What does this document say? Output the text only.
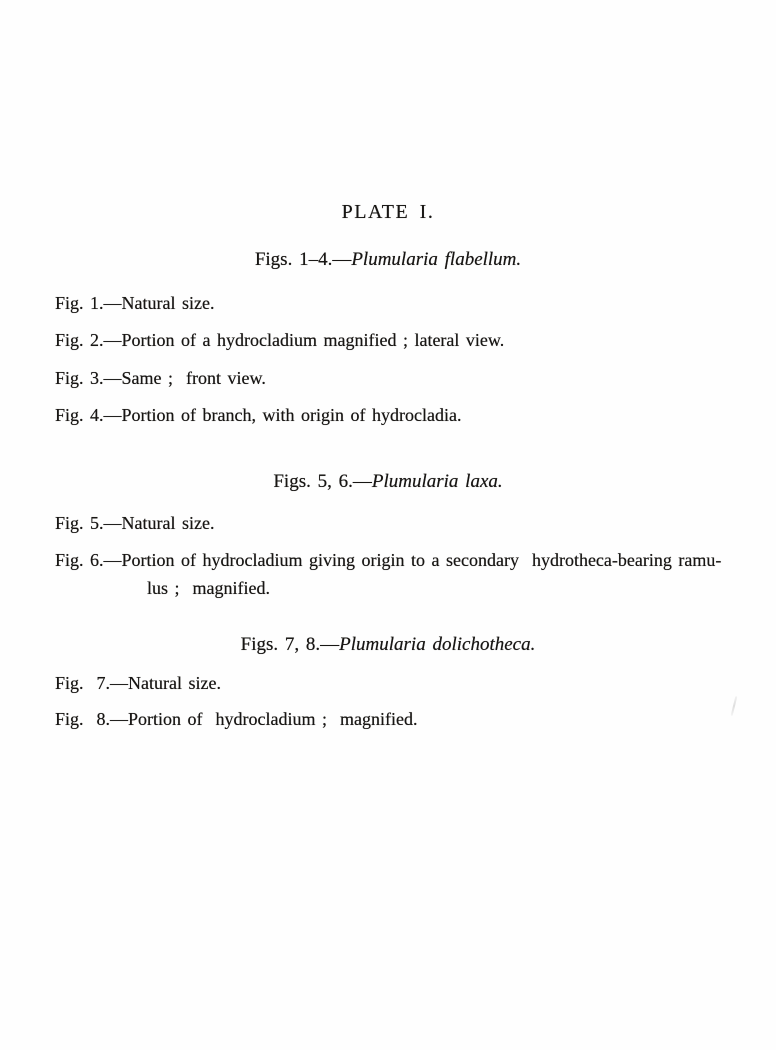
PLATE I.
Figs. 1–4.—Plumularia flabellum.
Fig. 1.—Natural size.
Fig. 2.—Portion of a hydrocladium magnified ; lateral view.
Fig. 3.—Same ;  front view.
Fig. 4.—Portion of branch, with origin of hydrocladia.
Figs. 5, 6.—Plumularia laxa.
Fig. 5.—Natural size.
Fig. 6.—Portion of hydrocladium giving origin to a secondary  hydrotheca-bearing ramu-
lus ;  magnified.
Figs. 7, 8.—Plumularia dolichotheca.
Fig.  7.—Natural size.
Fig.  8.—Portion of  hydrocladium ;  magnified.
